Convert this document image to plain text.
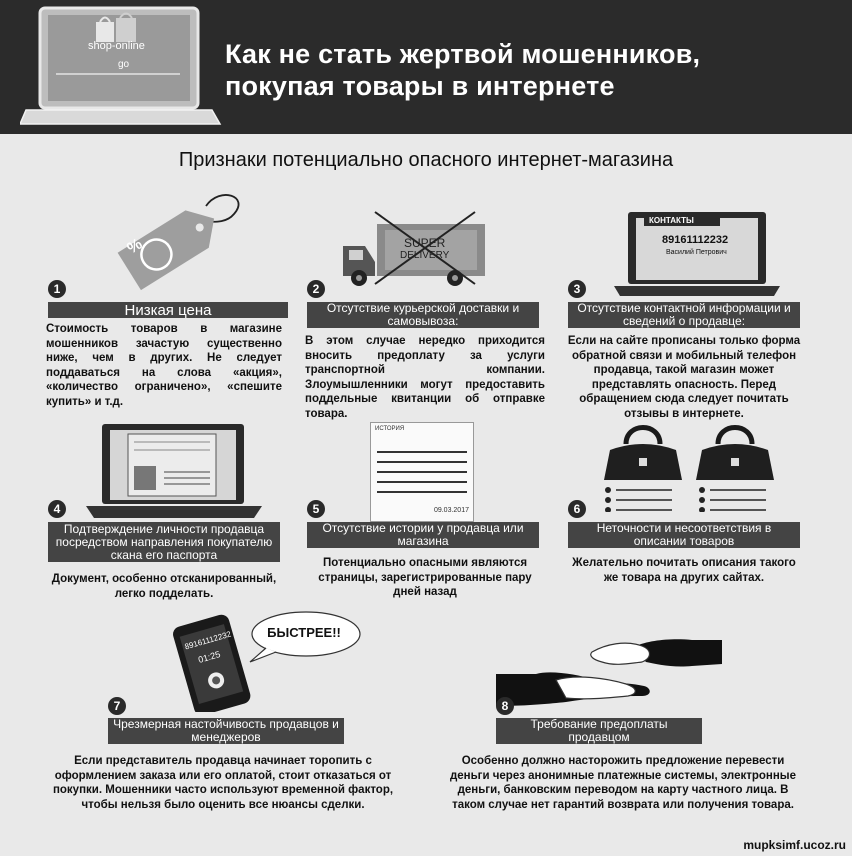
shop-online
go	Как не стать жертвой мошенников,
покупая товары в интернете
Признаки потенциально опасного интернет-магазина
%
1
Низкая цена
Стоимость товаров в магазине мошенников зачастую существенно ниже, чем в других. Не следует поддаваться на слова «акция», «количество ограничено», «спешите купить» и т.д.
SUPER
DELIVERY
2
Отсутствие курьерской доставки и самовывоза:
В этом случае нередко приходится вносить предоплату за услуги транспортной компании. Злоумышленники могут предоставить поддельные квитанции об отправке товара.
КОНТАКТЫ
89161112232
Василий Петрович
3
Отсутствие контактной информации и сведений о продавце:
Если на сайте прописаны только форма обратной связи и мобильный телефон продавца, такой магазин может представлять опасность. Перед обращением сюда следует почитать отзывы в интернете.
4
Подтверждение личности продавца посредством направления покупателю скана его паспорта
Документ, особенно отсканированный, легко подделать.
ИСТОРИЯ
09.03.2017
5
Отсутствие истории у продавца или магазина
Потенциально опасными являются страницы, зарегистрированные пару дней назад
6
Неточности и несоответствия в описании товаров
Желательно почитать описания такого же товара на других сайтах.
89161112232
01:25
БЫСТРЕЕ!!
7
Чрезмерная настойчивость продавцов и менеджеров
Если представитель продавца начинает торопить с оформлением заказа или его оплатой, стоит отказаться от покупки. Мошенники часто используют временной фактор, чтобы нельзя было оценить все нюансы сделки.
8
Требование предоплаты продавцом
Особенно должно насторожить предложение перевести деньги через анонимные платежные системы, электронные деньги, банковским переводом на карту частного лица. В таком случае нет гарантий возврата или получения товара.
mupksimf.ucoz.ru
